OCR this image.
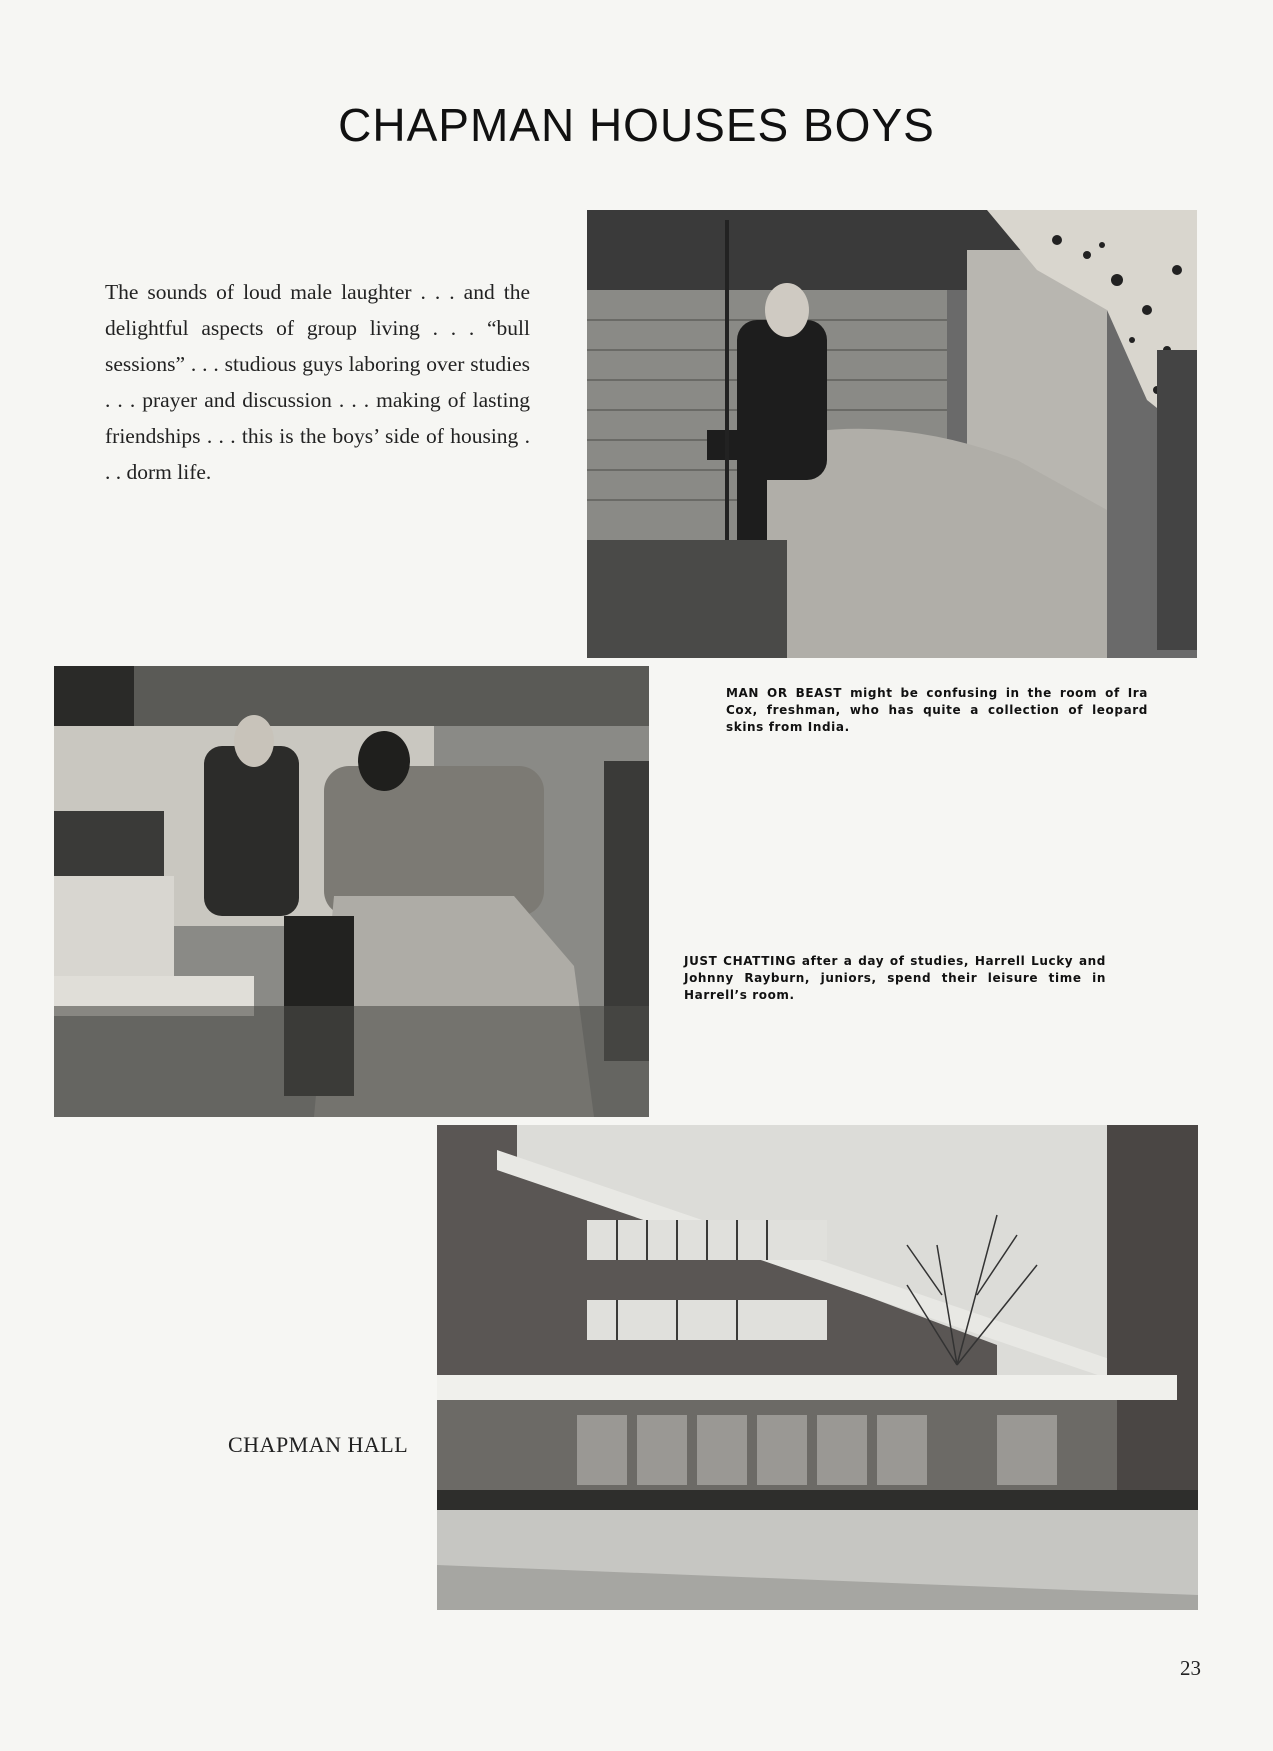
CHAPMAN HOUSES BOYS
The sounds of loud male laughter . . . and the delightful aspects of group living . . . “bull sessions” . . . studious guys laboring over studies . . . prayer and discussion . . . making of lasting friendships . . . this is the boys’ side of housing . . . dorm life.
MAN OR BEAST might be confusing in the room of Ira Cox, freshman, who has quite a collection of leopard skins from India.
JUST CHATTING after a day of studies, Harrell Lucky and Johnny Rayburn, juniors, spend their leisure time in Harrell’s room.
CHAPMAN HALL
23
